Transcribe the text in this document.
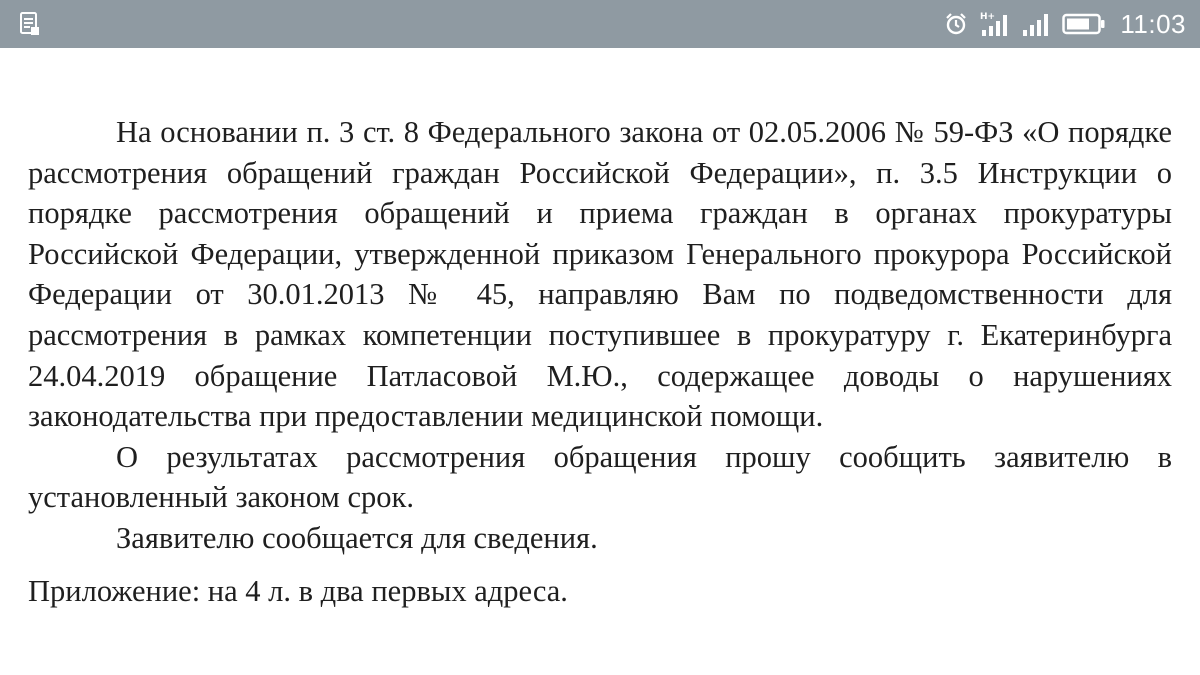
H+	11:03

На основании п. 3 ст. 8 Федерального закона от 02.05.2006 № 59-ФЗ «О порядке рассмотрения обращений граждан Российской Федерации», п. 3.5 Инструкции о порядке рассмотрения обращений и приема граждан в органах прокуратуры Российской Федерации, утвержденной приказом Генерального прокурора Российской Федерации от 30.01.2013 № 45, направляю Вам по подведомственности для рассмотрения в рамках компетенции поступившее в прокуратуру г. Екатеринбурга 24.04.2019 обращение Патласовой М.Ю., содержащее доводы о нарушениях законодательства при предоставлении медицинской помощи.

О результатах рассмотрения обращения прошу сообщить заявителю в установленный законом срок.

Заявителю сообщается для сведения.

Приложение: на 4 л. в два первых адреса.
